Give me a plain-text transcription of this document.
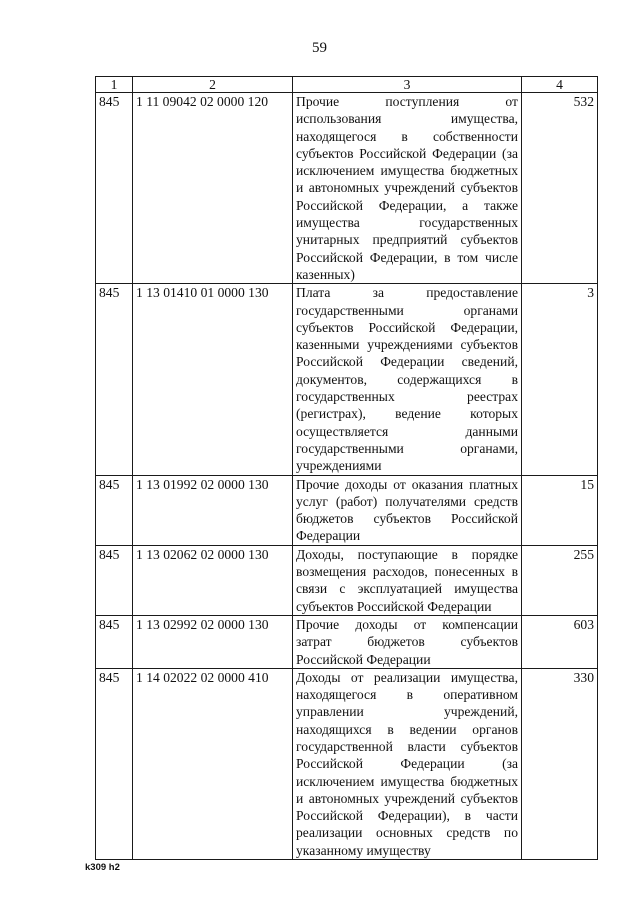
59
1	2	3	4
845	1 11 09042 02 0000 120	Прочие поступления от использования имущества, находящегося в собственности субъектов Российской Федерации (за исключением имущества бюджетных и автономных учреждений субъектов Российской Федерации, а также имущества государственных унитарных предприятий субъектов Российской Федерации, в том числе казенных)	532
845	1 13 01410 01 0000 130	Плата за предоставление государственными органами субъектов Российской Федерации, казенными учреждениями субъектов Российской Федерации сведений, документов, содержащихся в государственных реестрах (регистрах), ведение которых осуществляется данными государственными органами, учреждениями	3
845	1 13 01992 02 0000 130	Прочие доходы от оказания платных услуг (работ) получателями средств бюджетов субъектов Российской Федерации	15
845	1 13 02062 02 0000 130	Доходы, поступающие в порядке возмещения расходов, понесенных в связи с эксплуатацией имущества субъектов Российской Федерации	255
845	1 13 02992 02 0000 130	Прочие доходы от компенсации затрат бюджетов субъектов Российской Федерации	603
845	1 14 02022 02 0000 410	Доходы от реализации имущества, находящегося в оперативном управлении учреждений, находящихся в ведении органов государственной власти субъектов Российской Федерации (за исключением имущества бюджетных и автономных учреждений субъектов Российской Федерации), в части реализации основных средств по указанному имуществу	330
k309 h2
